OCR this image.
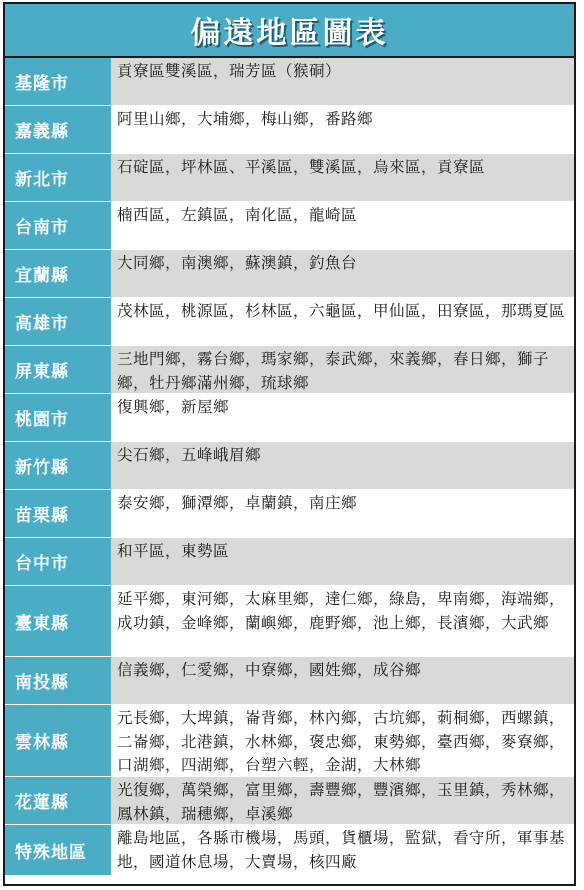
偏遠地區圖表
基隆市
貢寮區雙溪區，瑞芳區（猴硐）
嘉義縣
阿里山鄉，大埔鄉，梅山鄉，番路鄉
新北市
石碇區，坪林區、平溪區，雙溪區，烏來區，貢寮區
台南市
楠西區，左鎮區，南化區，龍崎區
宜蘭縣
大同鄉，南澳鄉，蘇澳鎮，釣魚台
高雄市
茂林區，桃源區，杉林區，六龜區，甲仙區，田寮區，那瑪夏區
屏東縣
三地門鄉，霧台鄉，瑪家鄉，泰武鄉，來義鄉，春日鄉，獅子鄉，牡丹鄉滿州鄉，琉球鄉
桃園市
復興鄉，新屋鄉
新竹縣
尖石鄉，五峰峨眉鄉
苗栗縣
泰安鄉，獅潭鄉，卓蘭鎮，南庄鄉
台中市
和平區，東勢區
臺東縣
延平鄉，東河鄉，太麻里鄉，達仁鄉，綠島，卑南鄉，海端鄉，成功鎮，金峰鄉，蘭嶼鄉，鹿野鄉，池上鄉，長濱鄉，大武鄉
南投縣
信義鄉，仁愛鄉，中寮鄉，國姓鄉，成谷鄉
雲林縣
元長鄉，大埤鎮，崙背鄉，林內鄉，古坑鄉，莿桐鄉，西螺鎮，二崙鄉，北港鎮，水林鄉，褒忠鄉，東勢鄉，臺西鄉，麥寮鄉，口湖鄉，四湖鄉，台塑六輕，金湖，大林鄉
花蓮縣
光復鄉，萬榮鄉，富里鄉，壽豐鄉，豐濱鄉，玉里鎮，秀林鄉，鳳林鎮，瑞穗鄉，卓溪鄉
特殊地區
離島地區，各縣市機場，馬頭，貨櫃場，監獄，看守所，軍事基地，國道休息場，大賣場，核四廠
